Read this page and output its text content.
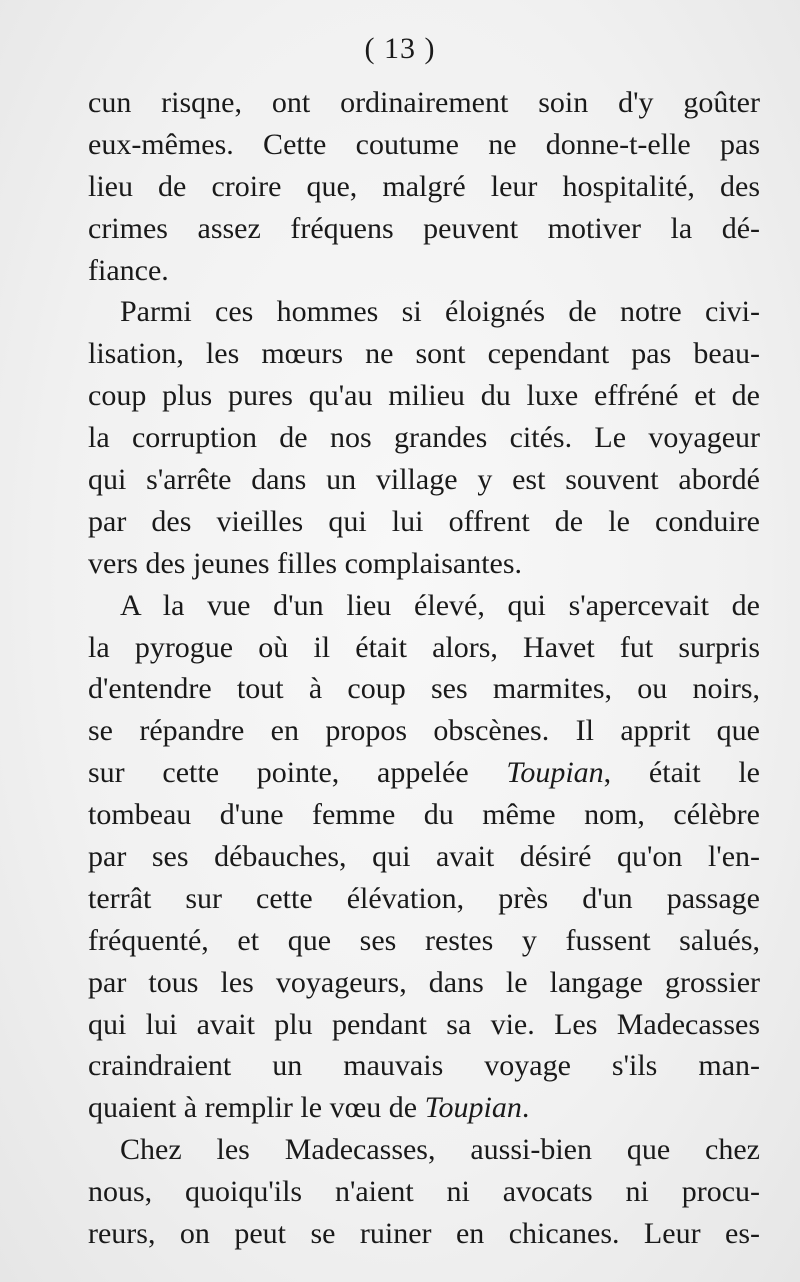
( 13 )
cun risqne, ont ordinairement soin d'y goûter
eux-mêmes. Cette coutume ne donne-t-elle pas
lieu de croire que, malgré leur hospitalité, des
crimes assez fréquens peuvent motiver la dé-
fiance.
Parmi ces hommes si éloignés de notre civi-
lisation, les mœurs ne sont cependant pas beau-
coup plus pures qu'au milieu du luxe effréné et de
la corruption de nos grandes cités. Le voyageur
qui s'arrête dans un village y est souvent abordé
par des vieilles qui lui offrent de le conduire
vers des jeunes filles complaisantes.
A la vue d'un lieu élevé, qui s'apercevait de
la pyrogue où il était alors, Havet fut surpris
d'entendre tout à coup ses marmites, ou noirs,
se répandre en propos obscènes. Il apprit que
sur cette pointe, appelée Toupian, était le
tombeau d'une femme du même nom, célèbre
par ses débauches, qui avait désiré qu'on l'en-
terrât sur cette élévation, près d'un passage
fréquenté, et que ses restes y fussent salués,
par tous les voyageurs, dans le langage grossier
qui lui avait plu pendant sa vie. Les Madecasses
craindraient un mauvais voyage s'ils man-
quaient à remplir le vœu de Toupian.
Chez les Madecasses, aussi-bien que chez
nous, quoiqu'ils n'aient ni avocats ni procu-
reurs, on peut se ruiner en chicanes. Leur es-
